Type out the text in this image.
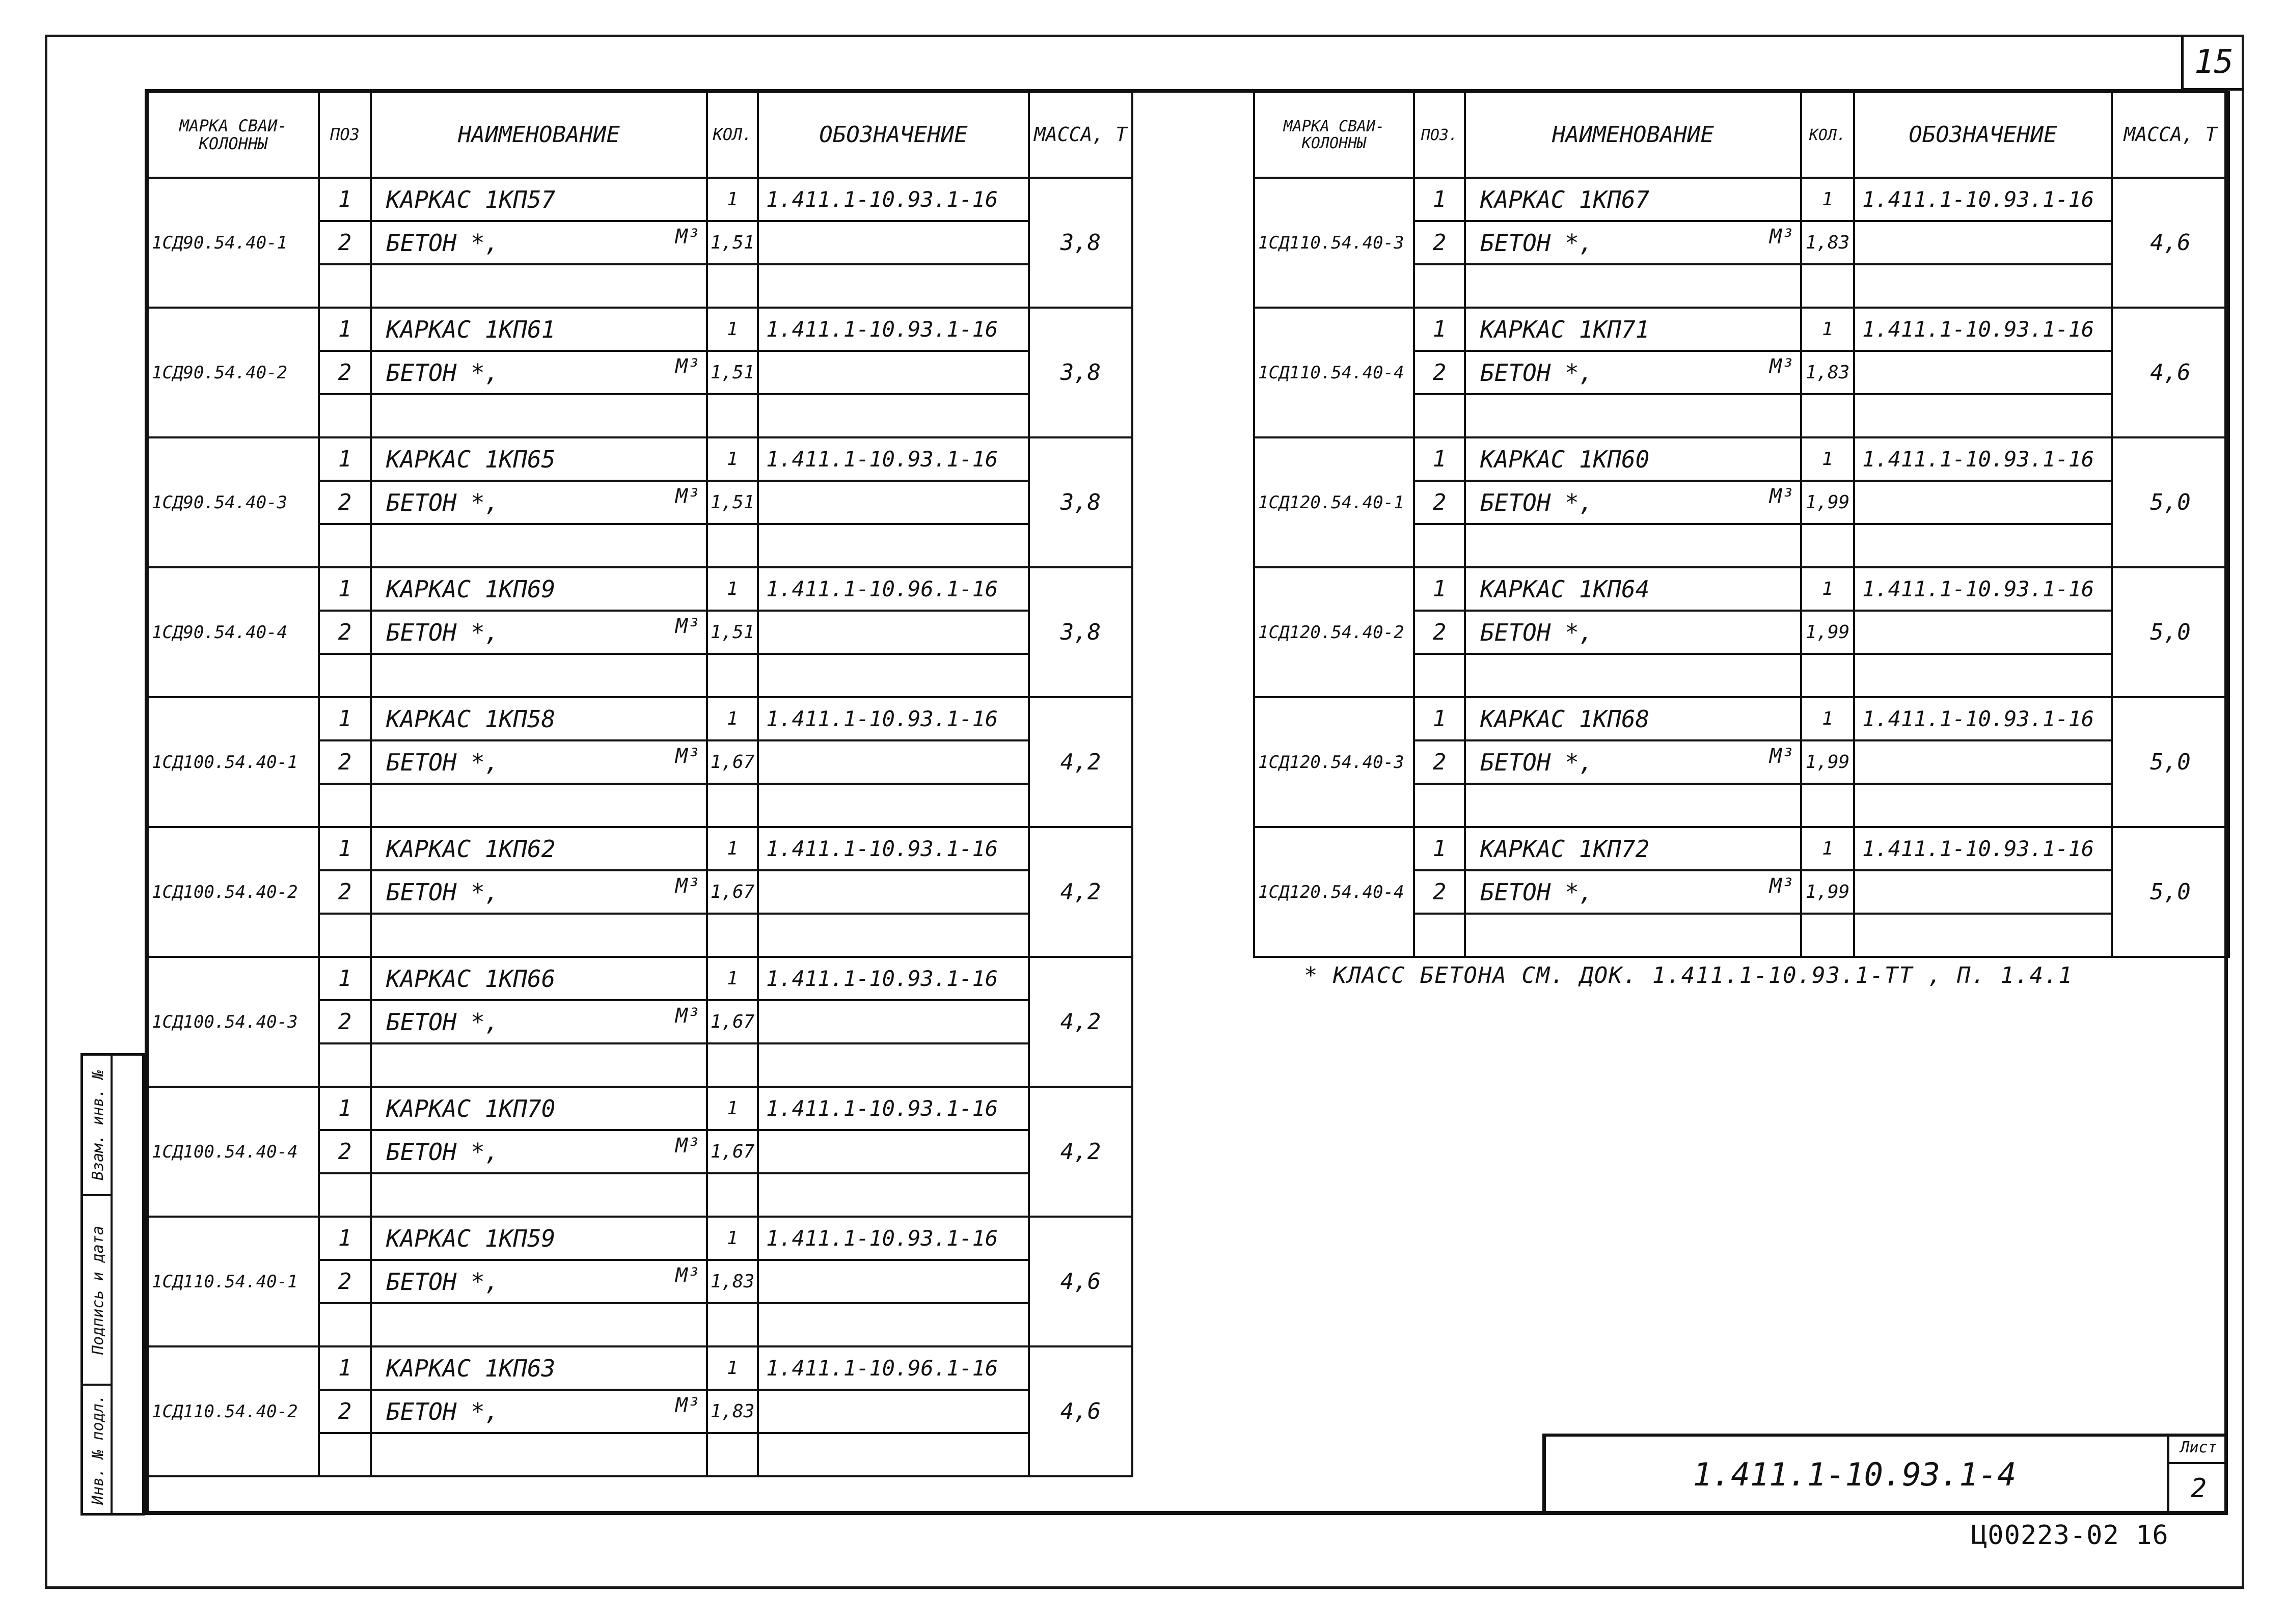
15
МАРКА СВАИ-КОЛОННЫ	ПОЗ	НАИМЕНОВАНИЕ	КОЛ.	ОБОЗНАЧЕНИЕ	МАССА, Т
1СД90.54.40-1	1	КАРКАС 1КП57	1	1.411.1-10.93.1-16	3,8
	2	БЕТОН *, М³	1,51		

1СД90.54.40-2	1	КАРКАС 1КП61	1	1.411.1-10.93.1-16	3,8
	2	БЕТОН *, М³	1,51		

1СД90.54.40-3	1	КАРКАС 1КП65	1	1.411.1-10.93.1-16	3,8
	2	БЕТОН *, М³	1,51		

1СД90.54.40-4	1	КАРКАС 1КП69	1	1.411.1-10.96.1-16	3,8
	2	БЕТОН *, М³	1,51		

1СД100.54.40-1	1	КАРКАС 1КП58	1	1.411.1-10.93.1-16	4,2
	2	БЕТОН *, М³	1,67		

1СД100.54.40-2	1	КАРКАС 1КП62	1	1.411.1-10.93.1-16	4,2
	2	БЕТОН *, М³	1,67		

1СД100.54.40-3	1	КАРКАС 1КП66	1	1.411.1-10.93.1-16	4,2
	2	БЕТОН *, М³	1,67		

1СД100.54.40-4	1	КАРКАС 1КП70	1	1.411.1-10.93.1-16	4,2
	2	БЕТОН *, М³	1,67		

1СД110.54.40-1	1	КАРКАС 1КП59	1	1.411.1-10.93.1-16	4,6
	2	БЕТОН *, М³	1,83		

1СД110.54.40-2	1	КАРКАС 1КП63	1	1.411.1-10.96.1-16	4,6
	2	БЕТОН *, М³	1,83		

МАРКА СВАИ-КОЛОННЫ	ПОЗ.	НАИМЕНОВАНИЕ	КОЛ.	ОБОЗНАЧЕНИЕ	МАССА, Т
1СД110.54.40-3	1	КАРКАС 1КП67	1	1.411.1-10.93.1-16	4,6
	2	БЕТОН *, М³	1,83		

1СД110.54.40-4	1	КАРКАС 1КП71	1	1.411.1-10.93.1-16	4,6
	2	БЕТОН *, М³	1,83		

1СД120.54.40-1	1	КАРКАС 1КП60	1	1.411.1-10.93.1-16	5,0
	2	БЕТОН *, М³	1,99		

1СД120.54.40-2	1	КАРКАС 1КП64	1	1.411.1-10.93.1-16	5,0
	2	БЕТОН *,	1,99		

1СД120.54.40-3	1	КАРКАС 1КП68	1	1.411.1-10.93.1-16	5,0
	2	БЕТОН *, М³	1,99		

1СД120.54.40-4	1	КАРКАС 1КП72	1	1.411.1-10.93.1-16	5,0
	2	БЕТОН *, М³	1,99		

* КЛАСС БЕТОНА СМ. ДОК. 1.411.1-10.93.1-ТТ , П. 1.4.1
1.411.1-10.93.1-4
Лист
2
Ц00223-02 16
Взам. инв. №
Подпись и дата
Инв. № подл.
